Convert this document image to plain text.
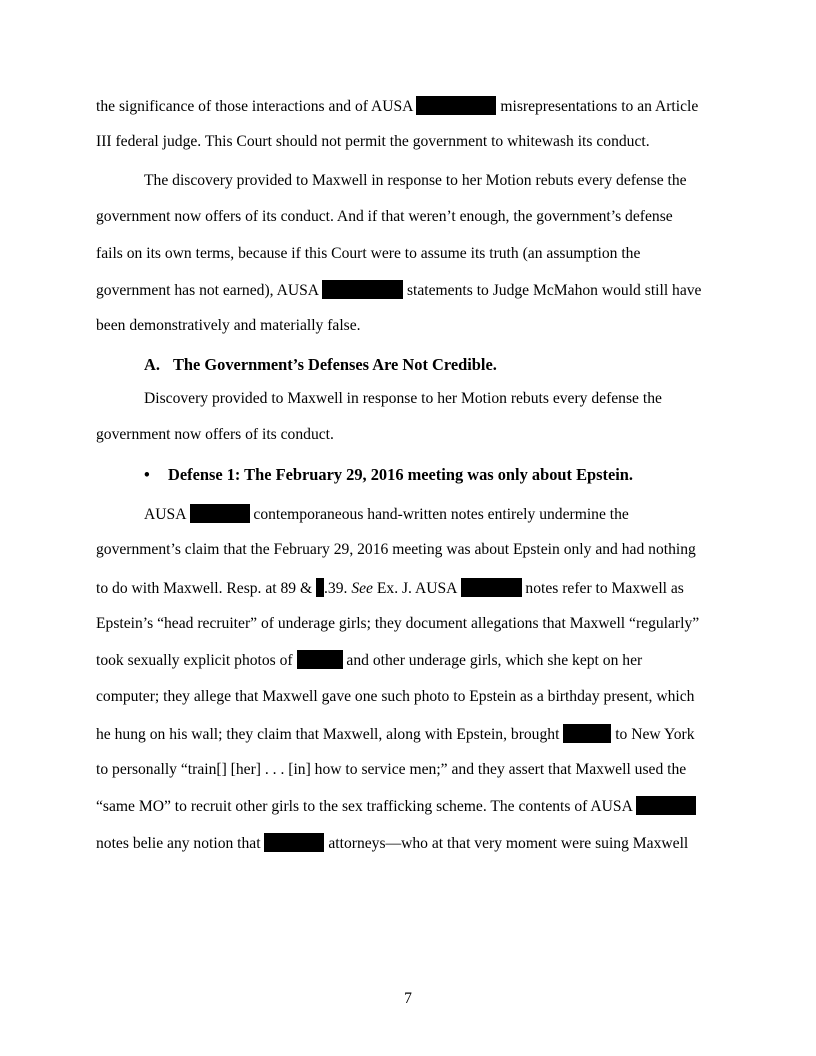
the significance of those interactions and of AUSA	misrepresentations to an Article
III federal judge. This Court should not permit the government to whitewash its conduct.
The discovery provided to Maxwell in response to her Motion rebuts every defense the
government now offers of its conduct. And if that weren’t enough, the government’s defense
fails on its own terms, because if this Court were to assume its truth (an assumption the
government has not earned), AUSA	statements to Judge McMahon would still have
been demonstratively and materially false.
A. The Government’s Defenses Are Not Credible.
Discovery provided to Maxwell in response to her Motion rebuts every defense the
government now offers of its conduct.
• Defense 1: The February 29, 2016 meeting was only about Epstein.
AUSA	contemporaneous hand-written notes entirely undermine the
government’s claim that the February 29, 2016 meeting was about Epstein only and had nothing
to do with Maxwell. Resp. at 89 & .39. See Ex. J. AUSA	notes refer to Maxwell as
Epstein’s “head recruiter” of underage girls; they document allegations that Maxwell “regularly”
took sexually explicit photos of	and other underage girls, which she kept on her
computer; they allege that Maxwell gave one such photo to Epstein as a birthday present, which
he hung on his wall; they claim that Maxwell, along with Epstein, brought	to New York
to personally “train[] [her] . . . [in] how to service men;” and they assert that Maxwell used the
“same MO” to recruit other girls to the sex trafficking scheme. The contents of AUSA
notes belie any notion that	attorneys—who at that very moment were suing Maxwell
7
